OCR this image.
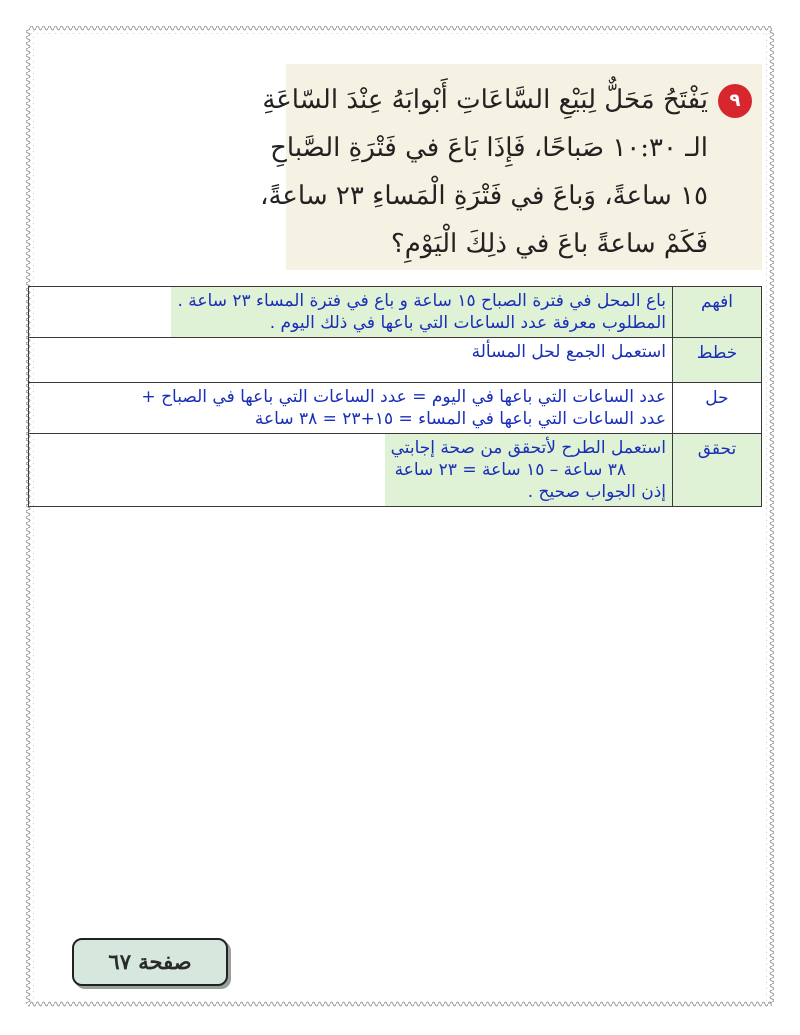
٩
يَفْتَحُ مَحَلٌّ لِبَيْعِ السَّاعَاتِ أَبْوابَهُ عِنْدَ السّاعَةِ
الـ ١٠:٣٠ صَباحًا، فَإِذَا بَاعَ في فَتْرَةِ الصَّباحِ
١٥ ساعةً، وَباعَ في فَتْرَةِ الْمَساءِ ٢٣ ساعةً،
فَكَمْ ساعةً باعَ في ذلِكَ الْيَوْمِ؟
افهم	باع المحل في فترة الصباح ١٥ ساعة و باع في فترة المساء ٢٣ ساعة .
المطلوب معرفة عدد الساعات التي باعها في ذلك اليوم .

خطط	استعمل الجمع لحل المسألة

حل	عدد الساعات التي باعها في اليوم = عدد الساعات التي باعها في الصباح +
عدد الساعات التي باعها في المساء = ١٥+٢٣ = ٣٨ ساعة

تحقق	استعمل الطرح لأتحقق من صحة إجابتي
٣٨ ساعة – ١٥ ساعة = ٢٣ ساعة
إذن الجواب صحيح .
صفحة ٦٧
